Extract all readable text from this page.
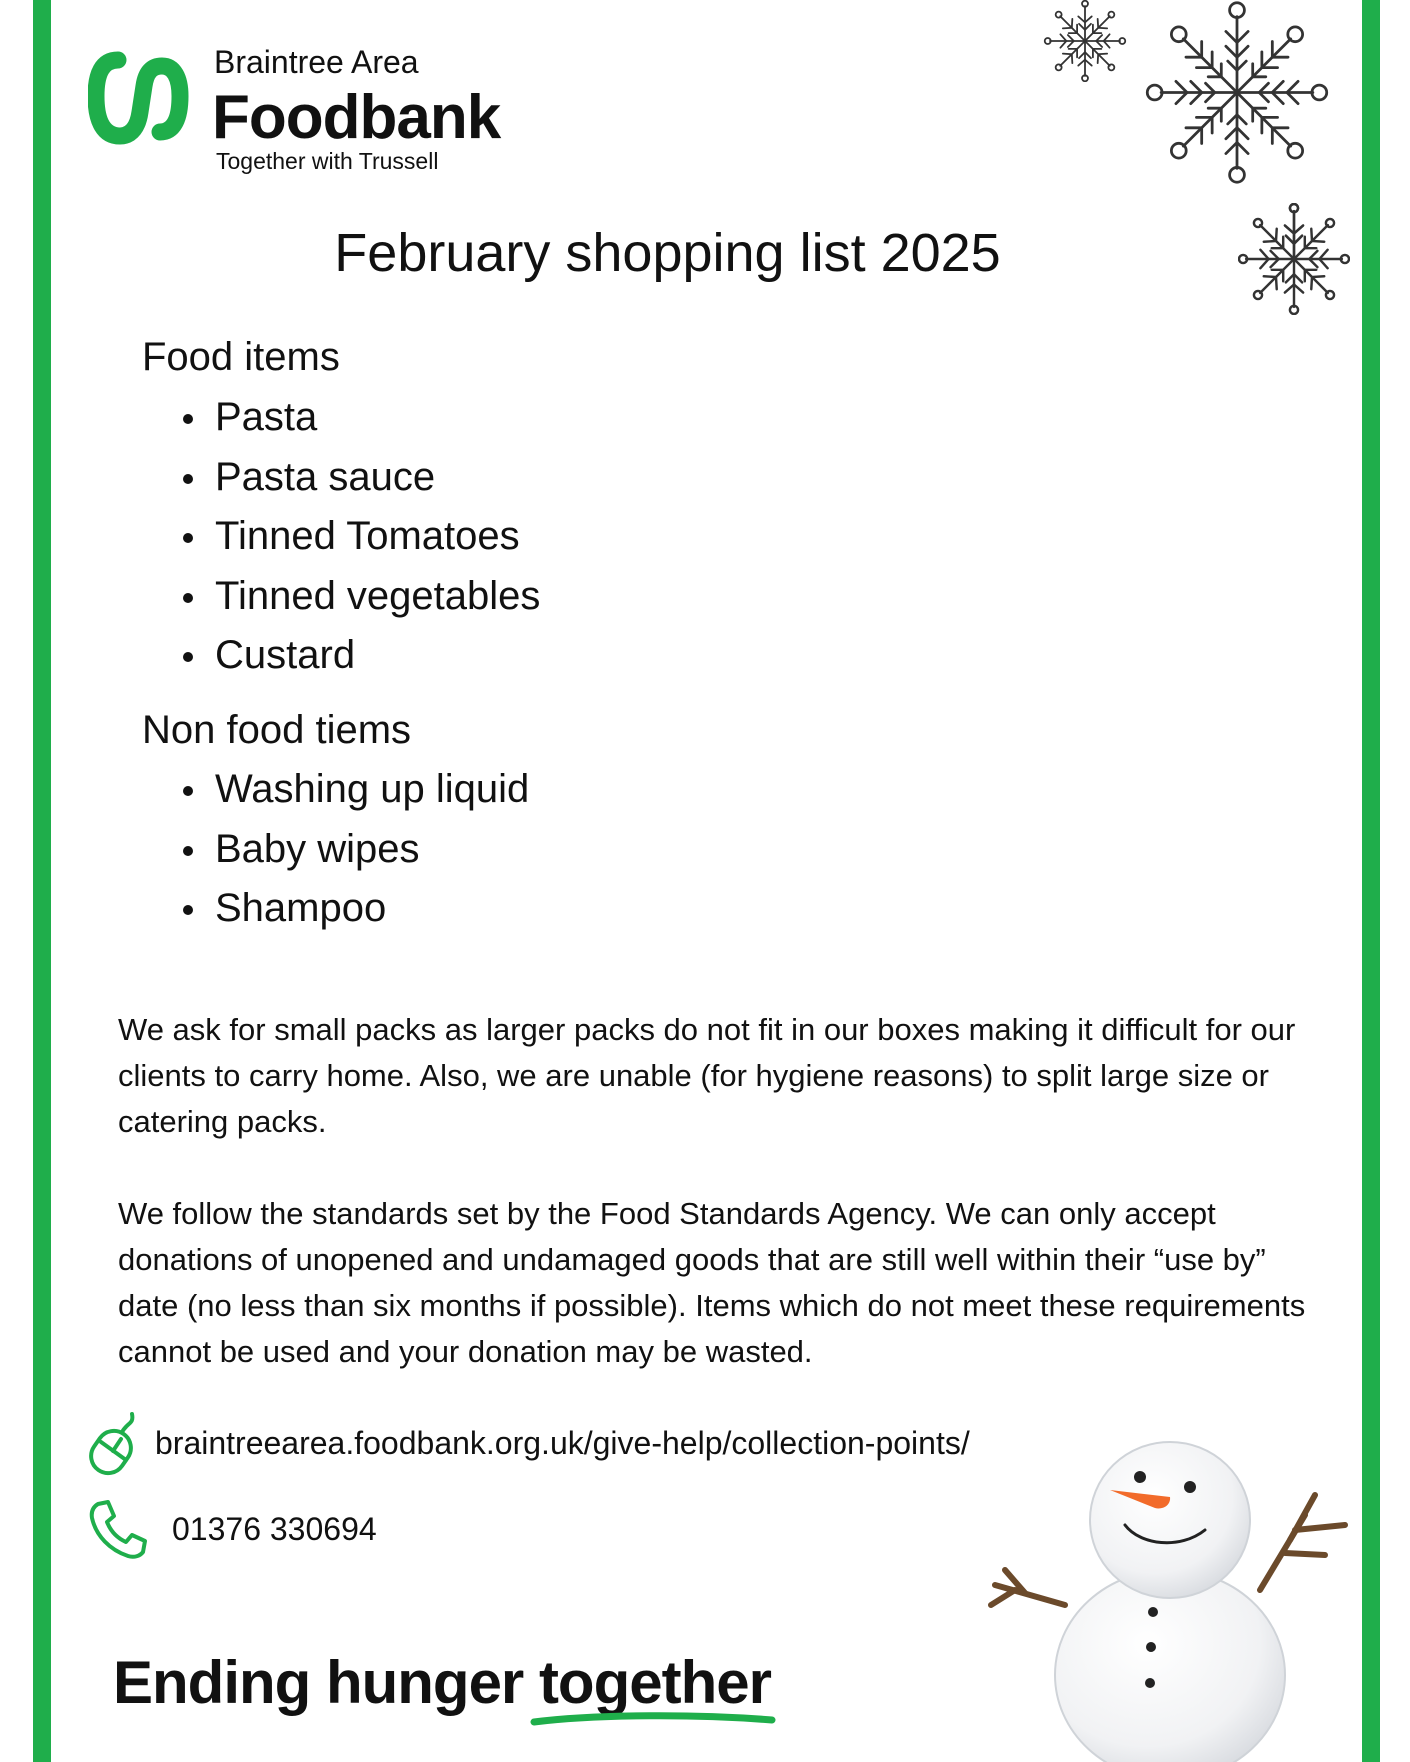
Braintree Area
Foodbank
Together with Trussell
February shopping list 2025
Food items
Pasta
Pasta sauce
Tinned Tomatoes
Tinned vegetables
Custard
Non food tiems
Washing up liquid
Baby wipes
Shampoo

We ask for small packs as larger packs do not fit in our boxes making it difficult for our clients to carry home. Also, we are unable (for hygiene reasons) to split large size or catering packs.

We follow the standards set by the Food Standards Agency. We can only accept donations of unopened and undamaged goods that are still well within their “use by” date (no less than six months if possible). Items which do not meet these requirements cannot be used and your donation may be wasted.

braintreearea.foodbank.org.uk/give-help/collection-points/
01376 330694
Ending hunger together
